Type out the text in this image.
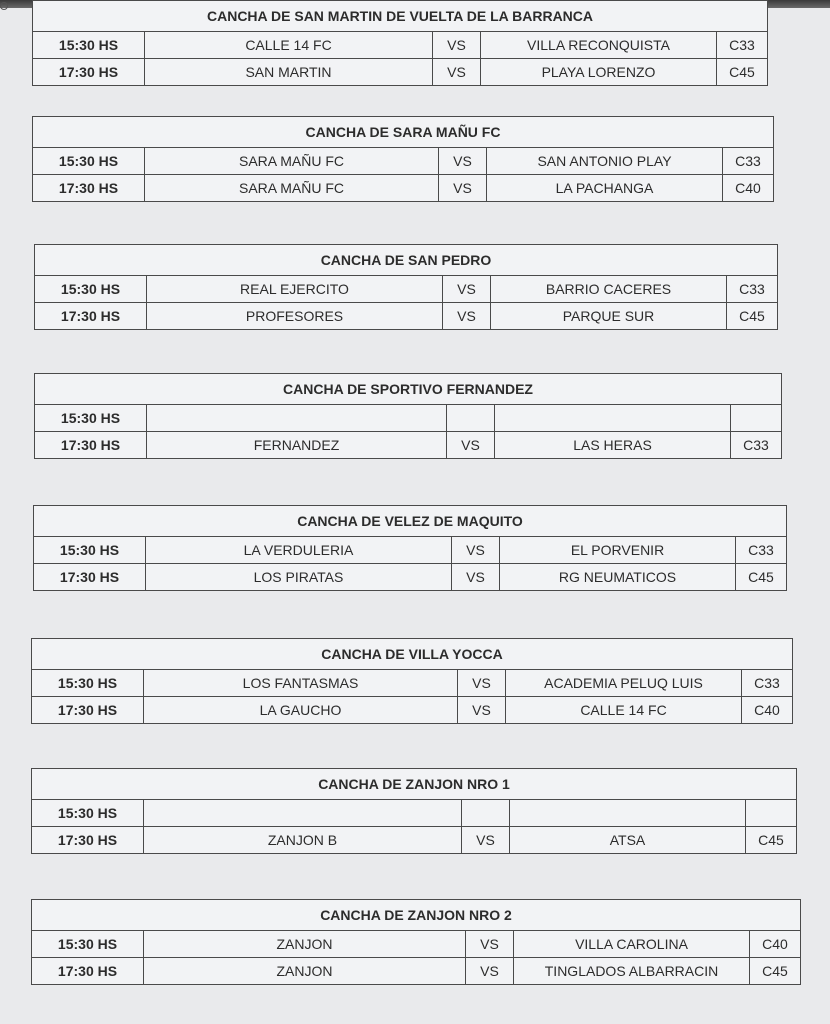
CANCHA DE SAN MARTIN DE VUELTA DE LA BARRANCA
15:30 HS	CALLE 14 FC	VS	VILLA RECONQUISTA	C33
17:30 HS	SAN MARTIN	VS	PLAYA LORENZO	C45
CANCHA DE SARA MAÑU FC
15:30 HS	SARA MAÑU FC	VS	SAN ANTONIO PLAY	C33
17:30 HS	SARA MAÑU FC	VS	LA PACHANGA	C40
CANCHA DE SAN PEDRO
15:30 HS	REAL EJERCITO	VS	BARRIO CACERES	C33
17:30 HS	PROFESORES	VS	PARQUE SUR	C45
CANCHA DE SPORTIVO FERNANDEZ
15:30 HS
17:30 HS	FERNANDEZ	VS	LAS HERAS	C33
CANCHA DE VELEZ DE MAQUITO
15:30 HS	LA VERDULERIA	VS	EL PORVENIR	C33
17:30 HS	LOS PIRATAS	VS	RG NEUMATICOS	C45
CANCHA DE VILLA YOCCA
15:30 HS	LOS FANTASMAS	VS	ACADEMIA PELUQ LUIS	C33
17:30 HS	LA GAUCHO	VS	CALLE 14 FC	C40
CANCHA DE ZANJON NRO 1
15:30 HS
17:30 HS	ZANJON B	VS	ATSA	C45
CANCHA DE ZANJON NRO 2
15:30 HS	ZANJON	VS	VILLA CAROLINA	C40
17:30 HS	ZANJON	VS	TINGLADOS ALBARRACIN	C45
